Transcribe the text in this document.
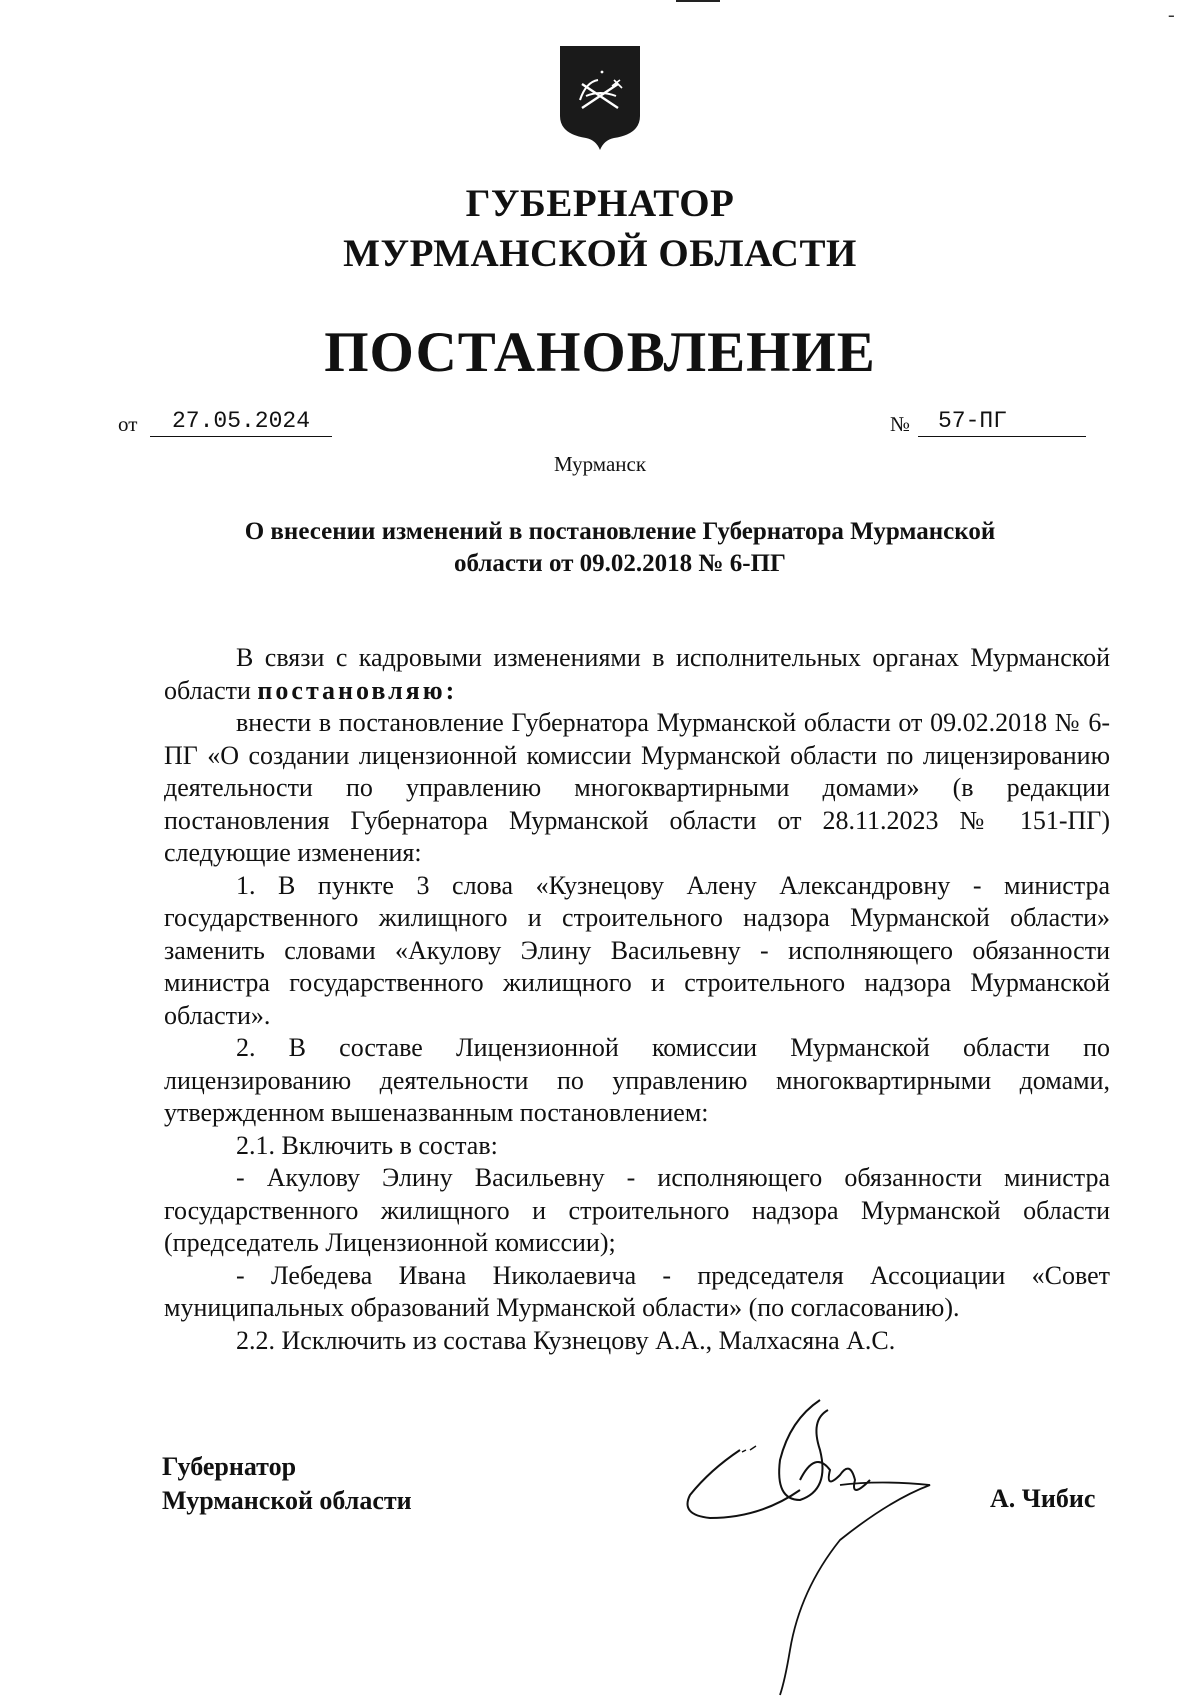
-
ГУБЕРНАТОР
МУРМАНСКОЙ ОБЛАСТИ
ПОСТАНОВЛЕНИЕ
от	27.05.2024	№	57-ПГ
Мурманск
О внесении изменений в постановление Губернатора Мурманской
области от 09.02.2018 № 6-ПГ

В связи с кадровыми изменениями в исполнительных органах Мурманской области постановляю:

внести в постановление Губернатора Мурманской области от 09.02.2018 № 6-ПГ «О создании лицензионной комиссии Мурманской области по лицензированию деятельности по управлению многоквартирными домами» (в редакции постановления Губернатора Мурманской области от 28.11.2023 № 151-ПГ) следующие изменения:

1. В пункте 3 слова «Кузнецову Алену Александровну - министра государственного жилищного и строительного надзора Мурманской области» заменить словами «Акулову Элину Васильевну - исполняющего обязанности министра государственного жилищного и строительного надзора Мурманской области».

2. В составе Лицензионной комиссии Мурманской области по лицензированию деятельности по управлению многоквартирными домами, утвержденном вышеназванным постановлением:

2.1. Включить в состав:

- Акулову Элину Васильевну - исполняющего обязанности министра государственного жилищного и строительного надзора Мурманской области (председатель Лицензионной комиссии);

- Лебедева Ивана Николаевича - председателя Ассоциации «Совет муниципальных образований Мурманской области» (по согласованию).

2.2. Исключить из состава Кузнецову А.А., Малхасяна А.С.

Губернатор
Мурманской области	А. Чибис
